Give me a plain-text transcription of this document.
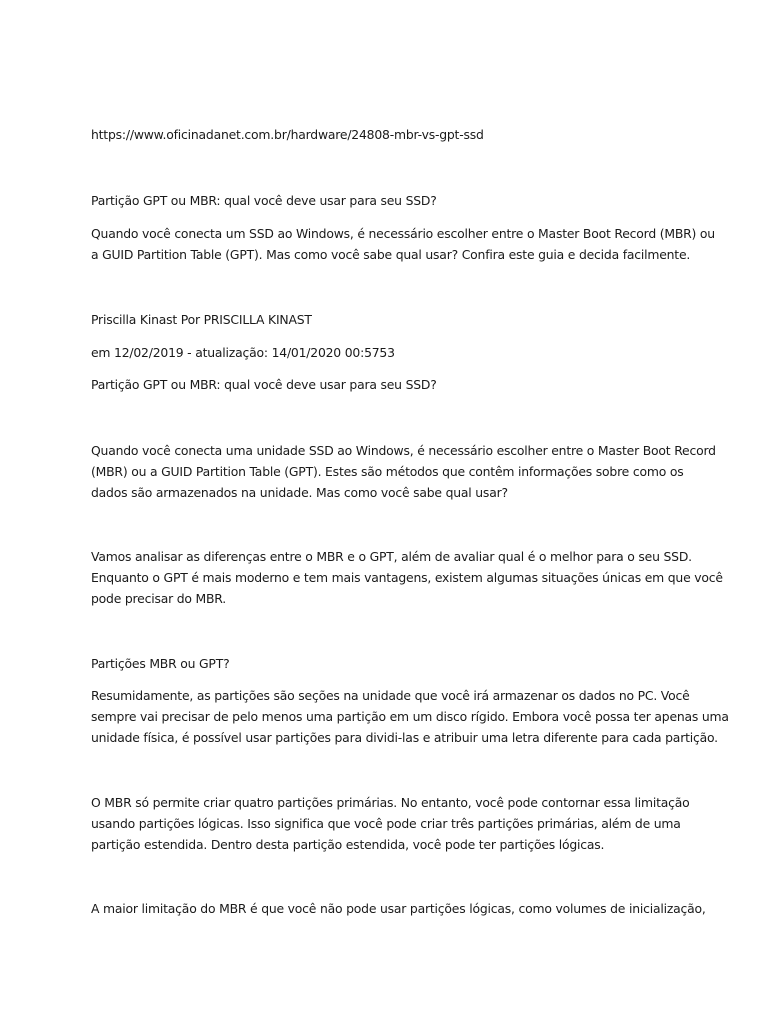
https://www.oficinadanet.com.br/hardware/24808-mbr-vs-gpt-ssd
Partição GPT ou MBR: qual você deve usar para seu SSD?
Quando você conecta um SSD ao Windows, é necessário escolher entre o Master Boot Record (MBR) ou
a GUID Partition Table (GPT). Mas como você sabe qual usar? Confira este guia e decida facilmente.
Priscilla Kinast Por PRISCILLA KINAST
em 12/02/2019 - atualização: 14/01/2020 00:5753
Partição GPT ou MBR: qual você deve usar para seu SSD?
Quando você conecta uma unidade SSD ao Windows, é necessário escolher entre o Master Boot Record
(MBR) ou a GUID Partition Table (GPT). Estes são métodos que contêm informações sobre como os
dados são armazenados na unidade. Mas como você sabe qual usar?
Vamos analisar as diferenças entre o MBR e o GPT, além de avaliar qual é o melhor para o seu SSD.
Enquanto o GPT é mais moderno e tem mais vantagens, existem algumas situações únicas em que você
pode precisar do MBR.
Partições MBR ou GPT?
Resumidamente, as partições são seções na unidade que você irá armazenar os dados no PC. Você
sempre vai precisar de pelo menos uma partição em um disco rígido. Embora você possa ter apenas uma
unidade física, é possível usar partições para dividi-las e atribuir uma letra diferente para cada partição.
O MBR só permite criar quatro partições primárias. No entanto, você pode contornar essa limitação
usando partições lógicas. Isso significa que você pode criar três partições primárias, além de uma
partição estendida. Dentro desta partição estendida, você pode ter partições lógicas.
A maior limitação do MBR é que você não pode usar partições lógicas, como volumes de inicialização,
